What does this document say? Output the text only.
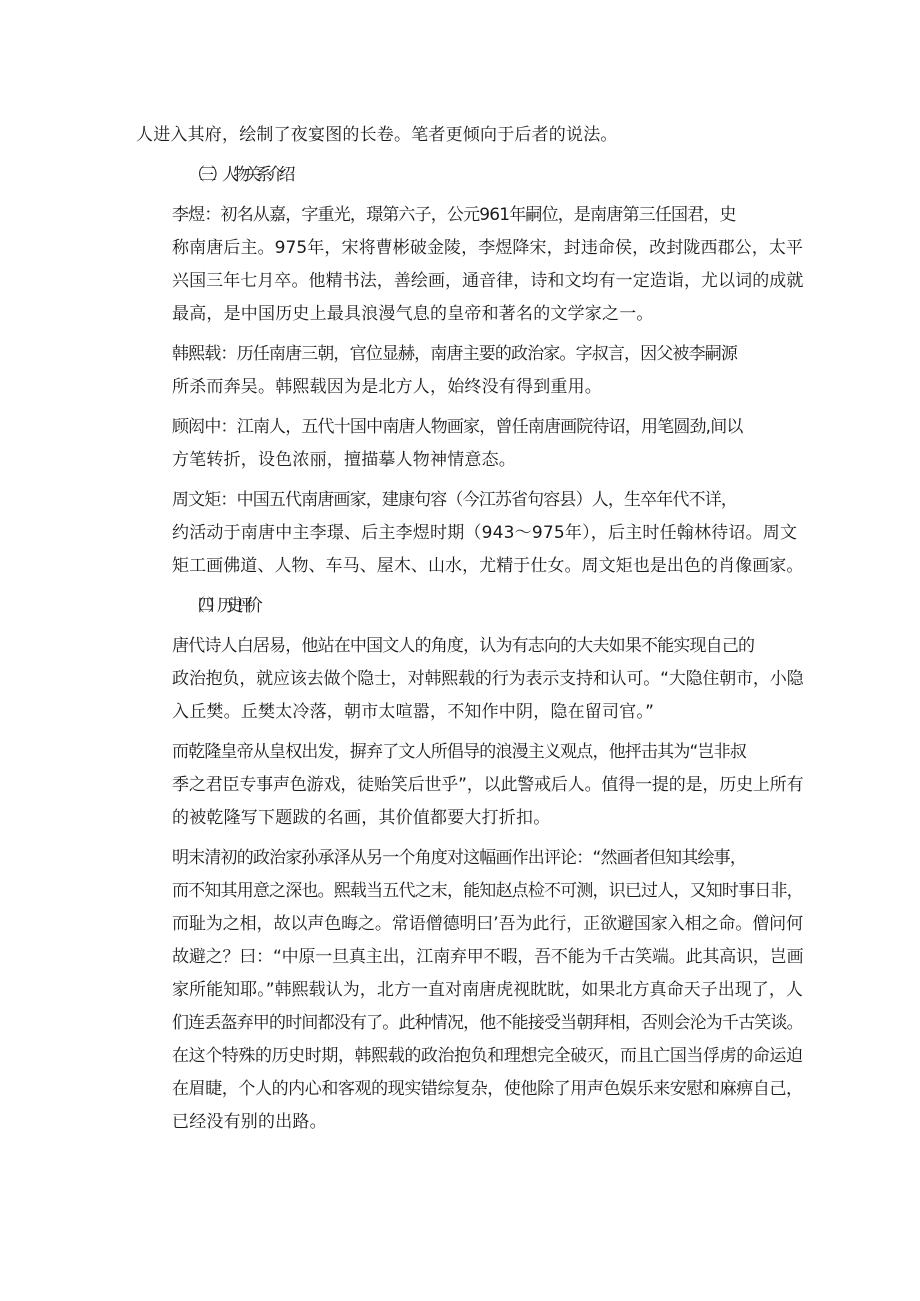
人进入其府，绘制了夜宴图的长卷。笔者更倾向于后者的说法。

（三）人物关系介绍

李煜：初名从嘉，字重光，璟第六子，公元961年嗣位，是南唐第三任国君，史
称南唐后主。975年，宋将曹彬破金陵，李煜降宋，封违命侯，改封陇西郡公，太平
兴国三年七月卒。他精书法，善绘画，通音律，诗和文均有一定造诣，尤以词的成就
最高，是中国历史上最具浪漫气息的皇帝和著名的文学家之一。

韩熙载：历任南唐三朝，官位显赫，南唐主要的政治家。字叔言，因父被李嗣源
所杀而奔吴。韩熙载因为是北方人，始终没有得到重用。

顾闳中：江南人，五代十国中南唐人物画家，曾任南唐画院待诏，用笔圆劲,间以
方笔转折，设色浓丽，擅描摹人物神情意态。

周文矩：中国五代南唐画家，建康句容（今江苏省句容县）人，生卒年代不详，
约活动于南唐中主李璟、后主李煜时期（943～975年），后主时任翰林待诏。周文
矩工画佛道、人物、车马、屋木、山水，尤精于仕女。周文矩也是出色的肖像画家。

（四）历史评价

唐代诗人白居易，他站在中国文人的角度，认为有志向的大夫如果不能实现自己的
政治抱负，就应该去做个隐士，对韩熙载的行为表示支持和认可。“大隐住朝市，小隐
入丘樊。丘樊太冷落，朝市太喧嚣，不知作中阴，隐在留司官。”

而乾隆皇帝从皇权出发，摒弃了文人所倡导的浪漫主义观点，他抨击其为“岂非叔
季之君臣专事声色游戏，徒贻笑后世乎”，以此警戒后人。值得一提的是，历史上所有
的被乾隆写下题跋的名画，其价值都要大打折扣。

明末清初的政治家孙承泽从另一个角度对这幅画作出评论：“然画者但知其绘事，
而不知其用意之深也。熙载当五代之末，能知赵点检不可测，识已过人，又知时事日非，
而耻为之相，故以声色晦之。常语僧德明曰’吾为此行，正欲避国家入相之命。僧问何
故避之？曰：“中原一旦真主出，江南弃甲不暇，吾不能为千古笑端。此其高识，岂画
家所能知耶。”韩熙载认为，北方一直对南唐虎视眈眈，如果北方真命天子出现了，人
们连丢盔弃甲的时间都没有了。此种情况，他不能接受当朝拜相，否则会沦为千古笑谈。
在这个特殊的历史时期，韩熙载的政治抱负和理想完全破灭，而且亡国当俘虏的命运迫
在眉睫，个人的内心和客观的现实错综复杂，使他除了用声色娱乐来安慰和麻痹自己，
已经没有别的出路。
